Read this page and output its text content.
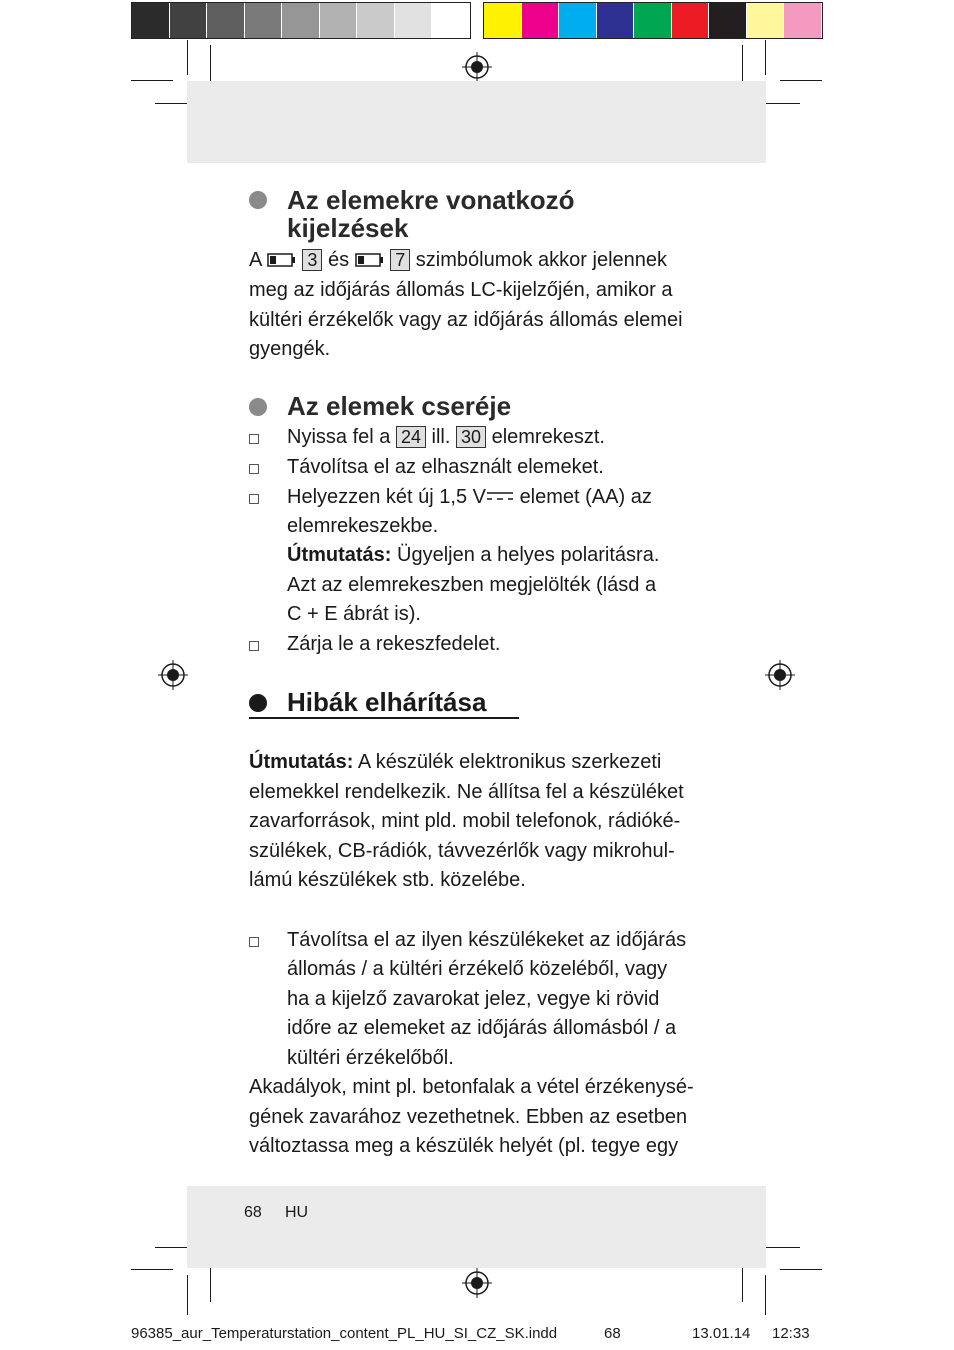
Az elemekre vonatkozó
kijelzések
A	3 és	7 szimbólumok akkor jelennek
meg az időjárás állomás LC-kijelzőjén, amikor a
kültéri érzékelők vagy az időjárás állomás elemei
gyengék.
Az elemek cseréje
Nyissa fel a 24 ill. 30 elemrekeszt.
Távolítsa el az elhasznált elemeket.
Helyezzen két új 1,5 V elemet (AA) az
elemrekeszekbe.
Útmutatás: Ügyeljen a helyes polaritásra.
Azt az elemrekeszben megjelölték (lásd a
C + E ábrát is).
Zárja le a rekeszfedelet.
Hibák elhárítása
Útmutatás: A készülék elektronikus szerkezeti
elemekkel rendelkezik. Ne állítsa fel a készüléket
zavarforrások, mint pld. mobil telefonok, rádióké-
szülékek, CB-rádiók, távvezérlők vagy mikrohul-
lámú készülékek stb. közelébe.
Távolítsa el az ilyen készülékeket az időjárás
állomás / a kültéri érzékelő közeléből, vagy
ha a kijelző zavarokat jelez, vegye ki rövid
időre az elemeket az időjárás állomásból / a
kültéri érzékelőből.
Akadályok, mint pl. betonfalak a vétel érzékenysé-
gének zavarához vezethetnek. Ebben az esetben
változtassa meg a készülék helyét (pl. tegye egy
68 HU
96385_aur_Temperaturstation_content_PL_HU_SI_CZ_SK.indd	68	13.01.14 12:33
